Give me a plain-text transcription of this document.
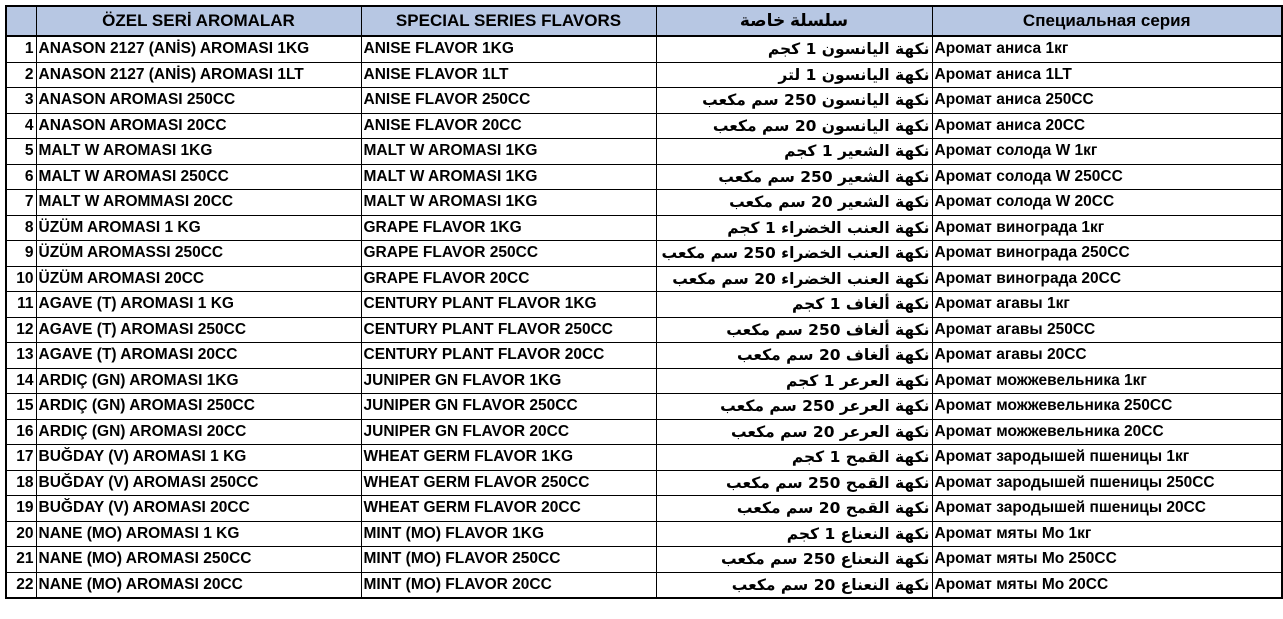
	ÖZEL SERİ AROMALAR	SPECIAL SERIES FLAVORS	سلسلة خاصة	Специальная серия
1	ANASON 2127 (ANİS) AROMASI 1KG	ANISE FLAVOR 1KG	نكهة اليانسون 1 كجم	Аромат аниса 1кг
2	ANASON 2127 (ANİS) AROMASI 1LT	ANISE FLAVOR 1LT	نكهة اليانسون 1 لتر	Аромат аниса 1LT
3	ANASON AROMASI 250CC	ANISE FLAVOR 250CC	نكهة اليانسون 250 سم مكعب	Аромат аниса 250CC
4	ANASON AROMASI 20CC	ANISE FLAVOR 20CC	نكهة اليانسون 20 سم مكعب	Аромат аниса 20CC
5	MALT W AROMASI 1KG	MALT W AROMASI 1KG	نكهة الشعير 1 كجم	Аромат солода W 1кг
6	MALT W AROMASI 250CC	MALT W AROMASI 1KG	نكهة الشعير 250 سم مكعب	Аромат солода W 250CC
7	MALT W AROMMASI 20CC	MALT W AROMASI 1KG	نكهة الشعير 20 سم مكعب	Аромат солода W 20CC
8	ÜZÜM AROMASI 1 KG	GRAPE FLAVOR 1KG	نكهة العنب الخضراء 1 كجم	Аромат винограда 1кг
9	ÜZÜM AROMASSI 250CC	GRAPE FLAVOR 250CC	نكهة العنب الخضراء 250 سم مكعب	Аромат винограда 250CC
10	ÜZÜM AROMASI 20CC	GRAPE FLAVOR 20CC	نكهة العنب الخضراء 20 سم مكعب	Аромат винограда 20CC
11	AGAVE (T) AROMASI 1 KG	CENTURY PLANT FLAVOR 1KG	نكهة ألغاف 1 كجم	Аромат агавы 1кг
12	AGAVE (T) AROMASI 250CC	CENTURY PLANT FLAVOR 250CC	نكهة ألغاف 250 سم مكعب	Аромат агавы 250CC
13	AGAVE (T) AROMASI 20CC	CENTURY PLANT FLAVOR 20CC	نكهة ألغاف 20 سم مكعب	Аромат агавы 20CC
14	ARDIÇ (GN) AROMASI 1KG	JUNIPER GN FLAVOR 1KG	نكهة العرعر 1 كجم	Аромат можжевельника 1кг
15	ARDIÇ (GN) AROMASI 250CC	JUNIPER GN FLAVOR 250CC	نكهة العرعر 250 سم مكعب	Аромат можжевельника 250CC
16	ARDIÇ (GN) AROMASI 20CC	JUNIPER GN FLAVOR 20CC	نكهة العرعر 20 سم مكعب	Аромат можжевельника 20CC
17	BUĞDAY (V) AROMASI 1 KG	WHEAT GERM FLAVOR 1KG	نكهة القمح 1 كجم	Аромат зародышей пшеницы 1кг
18	BUĞDAY (V) AROMASI 250CC	WHEAT GERM FLAVOR 250CC	نكهة القمح 250 سم مكعب	Аромат зародышей пшеницы 250CC
19	BUĞDAY (V) AROMASI 20CC	WHEAT GERM FLAVOR 20CC	نكهة القمح 20 سم مكعب	Аромат зародышей пшеницы 20CC
20	NANE (MO) AROMASI 1 KG	MINT (MO) FLAVOR 1KG	نكهة النعناع 1 كجم	Аромат мяты Mo 1кг
21	NANE (MO) AROMASI 250CC	MINT (MO) FLAVOR 250CC	نكهة النعناع 250 سم مكعب	Аромат мяты Mo 250CC
22	NANE (MO) AROMASI 20CC	MINT (MO) FLAVOR 20CC	نكهة النعناع 20 سم مكعب	Аромат мяты Mo 20CC
